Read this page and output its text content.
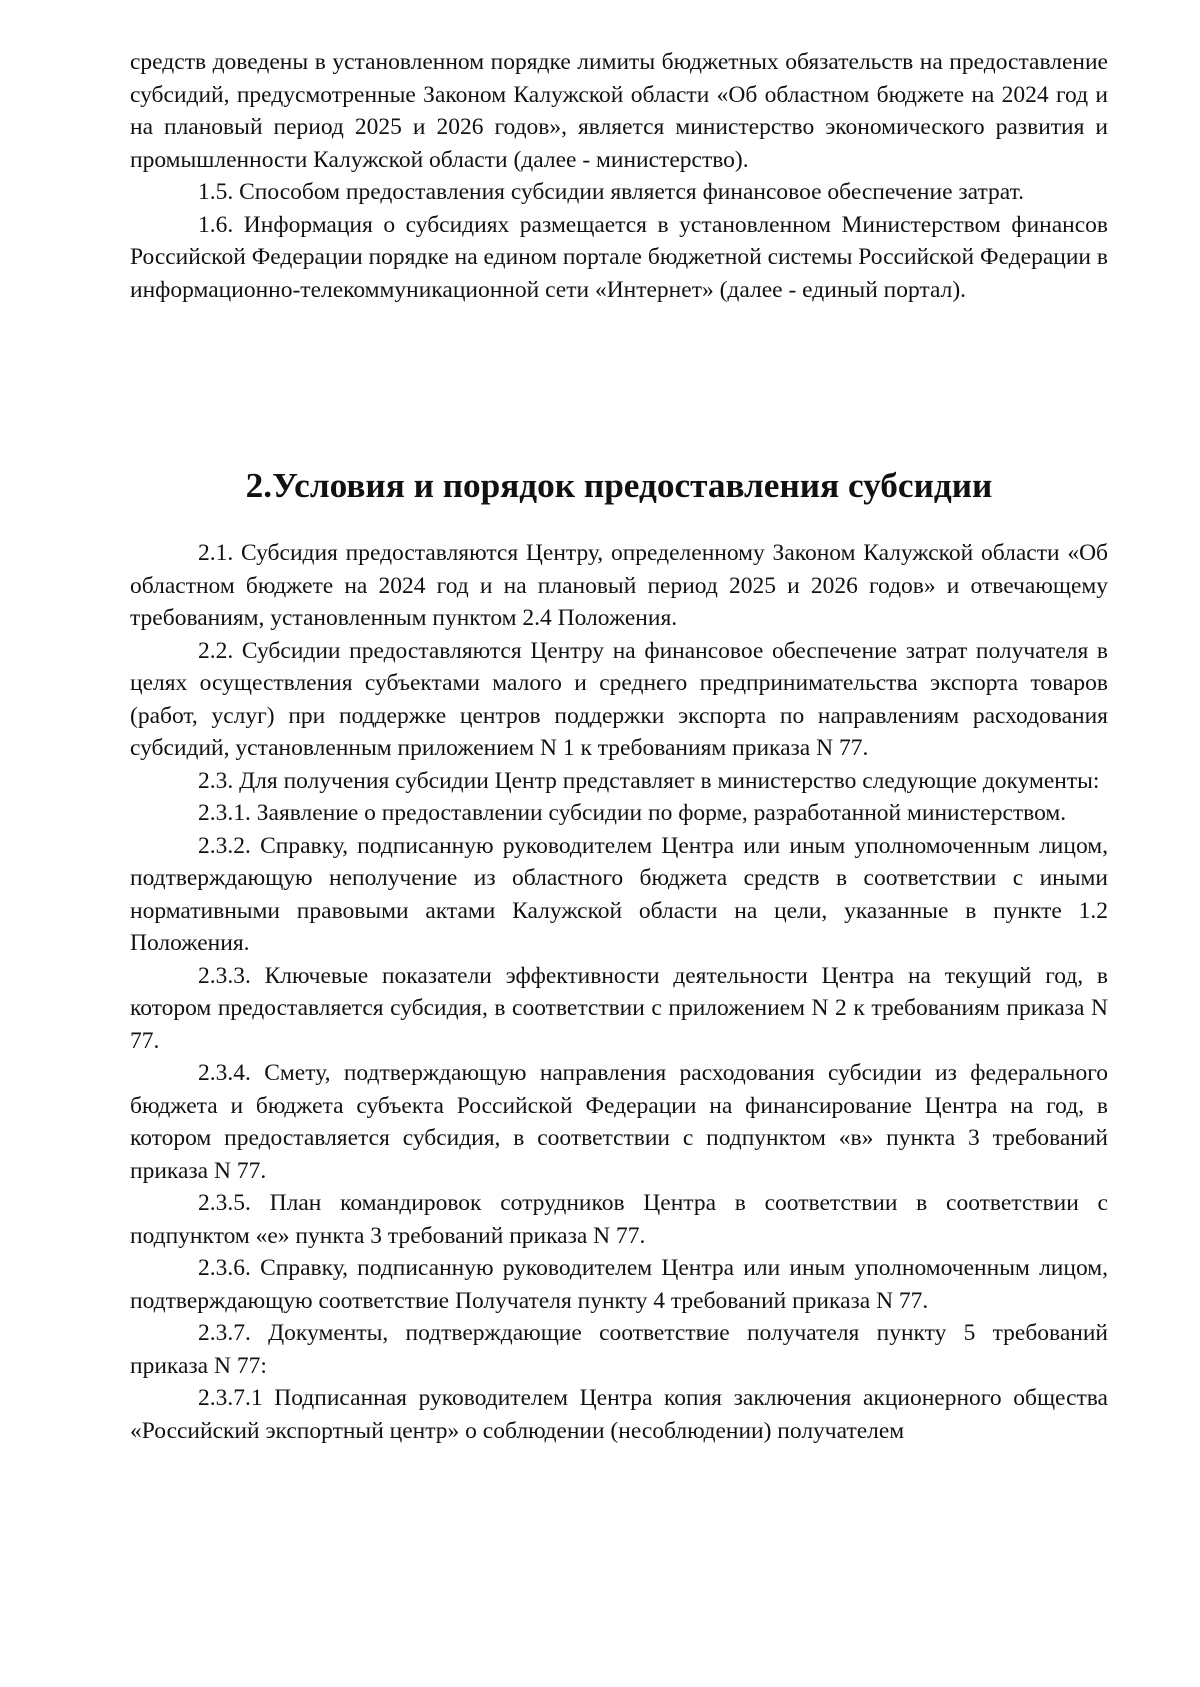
средств доведены в установленном порядке лимиты бюджетных обязательств на предоставление субсидий, предусмотренные Законом Калужской области «Об областном бюджете на 2024 год и на плановый период 2025 и 2026 годов», является министерство экономического развития и промышленности Калужской области (далее - министерство).

1.5. Способом предоставления субсидии является финансовое обеспечение затрат.

1.6. Информация о субсидиях размещается в установленном Министерством финансов Российской Федерации порядке на едином портале бюджетной системы Российской Федерации в информационно-телекоммуникационной сети «Интернет» (далее - единый портал).

2.Условия и порядок предоставления субсидии

2.1. Субсидия предоставляются Центру, определенному Законом Калужской области «Об областном бюджете на 2024 год и на плановый период 2025 и 2026 годов» и отвечающему требованиям, установленным пунктом 2.4 Положения.

2.2. Субсидии предоставляются Центру на финансовое обеспечение затрат получателя в целях осуществления субъектами малого и среднего предпринимательства экспорта товаров (работ, услуг) при поддержке центров поддержки экспорта по направлениям расходования субсидий, установленным приложением N 1 к требованиям приказа N 77.

2.3. Для получения субсидии Центр представляет в министерство следующие документы:

2.3.1. Заявление о предоставлении субсидии по форме, разработанной министерством.

2.3.2. Справку, подписанную руководителем Центра или иным уполномоченным лицом, подтверждающую неполучение из областного бюджета средств в соответствии с иными нормативными правовыми актами Калужской области на цели, указанные в пункте 1.2 Положения.

2.3.3. Ключевые показатели эффективности деятельности Центра на текущий год, в котором предоставляется субсидия, в соответствии с приложением N 2 к требованиям приказа N 77.

2.3.4. Смету, подтверждающую направления расходования субсидии из федерального бюджета и бюджета субъекта Российской Федерации на финансирование Центра на год, в котором предоставляется субсидия, в соответствии с подпунктом «в» пункта 3 требований приказа N 77.

2.3.5. План командировок сотрудников Центра в соответствии в соответствии с подпунктом «е» пункта 3 требований приказа N 77.

2.3.6. Справку, подписанную руководителем Центра или иным уполномоченным лицом, подтверждающую соответствие Получателя пункту 4 требований приказа N 77.

2.3.7. Документы, подтверждающие соответствие получателя пункту 5 требований приказа N 77:

2.3.7.1 Подписанная руководителем Центра копия заключения акционерного общества «Российский экспортный центр» о соблюдении (несоблюдении) получателем
